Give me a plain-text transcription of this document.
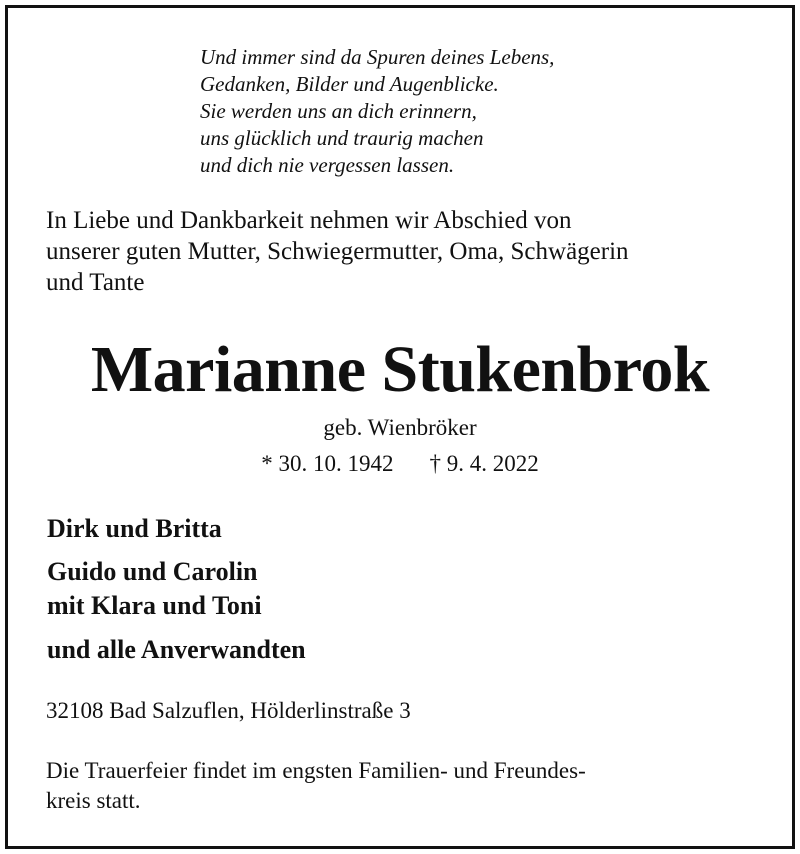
Und immer sind da Spuren deines Lebens,
Gedanken, Bilder und Augenblicke.
Sie werden uns an dich erinnern,
uns glücklich und traurig machen
und dich nie vergessen lassen.
In Liebe und Dankbarkeit nehmen wir Abschied von
unserer guten Mutter, Schwiegermutter, Oma, Schwägerin
und Tante
Marianne Stukenbrok
geb. Wienbröker
* 30. 10. 1942 † 9. 4. 2022
Dirk und Britta
Guido und Carolin
mit Klara und Toni
und alle Anverwandten
32108 Bad Salzuflen, Hölderlinstraße 3
Die Trauerfeier findet im engsten Familien- und Freundes-
kreis statt.
